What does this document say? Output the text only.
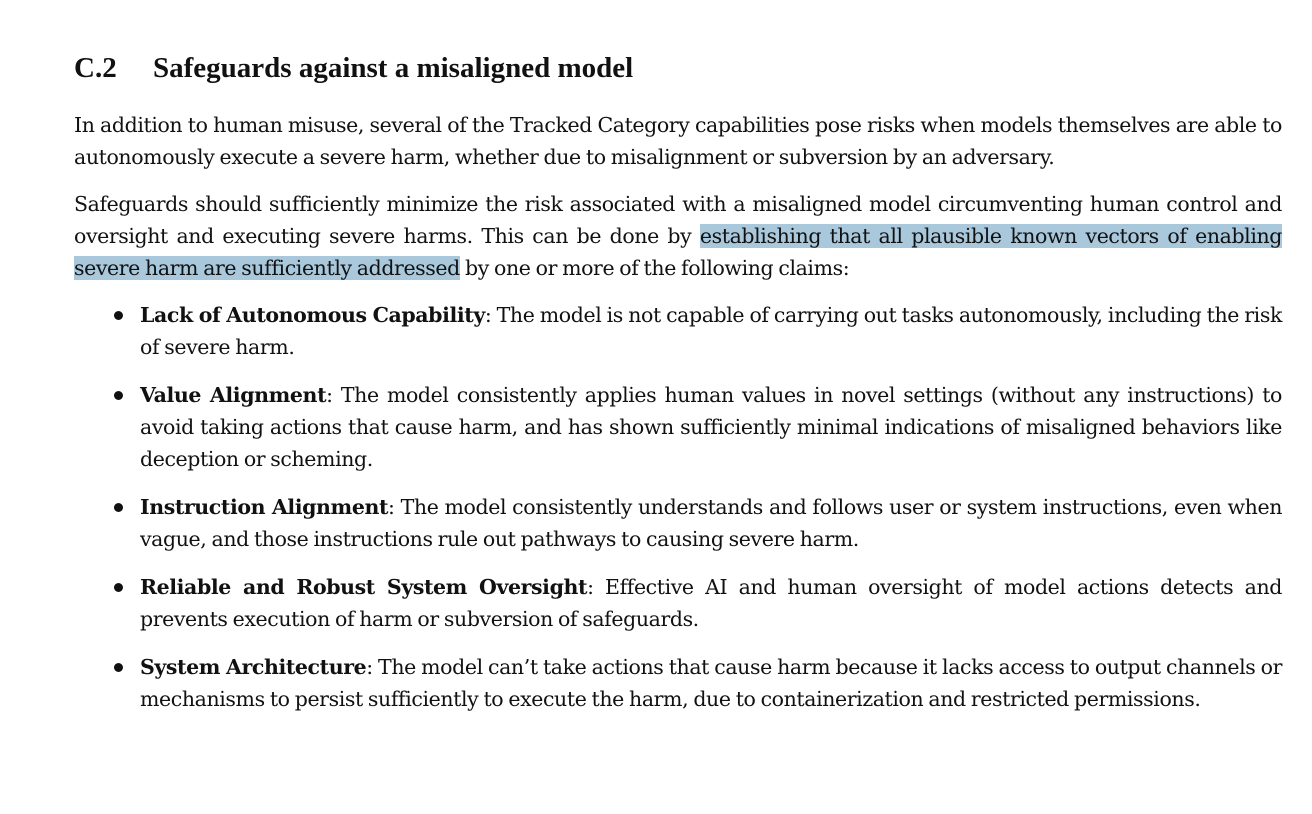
C.2 Safeguards against a misaligned model

In addition to human misuse, several of the Tracked Category capabilities pose risks when models themselves are able to autonomously execute a severe harm, whether due to misalignment or subversion by an adversary.

Safeguards should sufficiently minimize the risk associated with a misaligned model circumventing human control and oversight and executing severe harms. This can be done by establishing that all plausible known vectors of enabling severe harm are sufficiently addressed by one or more of the following claims:

Lack of Autonomous Capability: The model is not capable of carrying out tasks autonomously, including the risk of severe harm.
Value Alignment: The model consistently applies human values in novel settings (without any instructions) to avoid taking actions that cause harm, and has shown sufficiently minimal indications of misaligned behaviors like deception or scheming.
Instruction Alignment: The model consistently understands and follows user or system instructions, even when vague, and those instructions rule out pathways to causing severe harm.
Reliable and Robust System Oversight: Effective AI and human oversight of model actions detects and prevents execution of harm or subversion of safeguards.
System Architecture: The model can’t take actions that cause harm because it lacks access to output channels or mechanisms to persist sufficiently to execute the harm, due to containerization and restricted permissions.
